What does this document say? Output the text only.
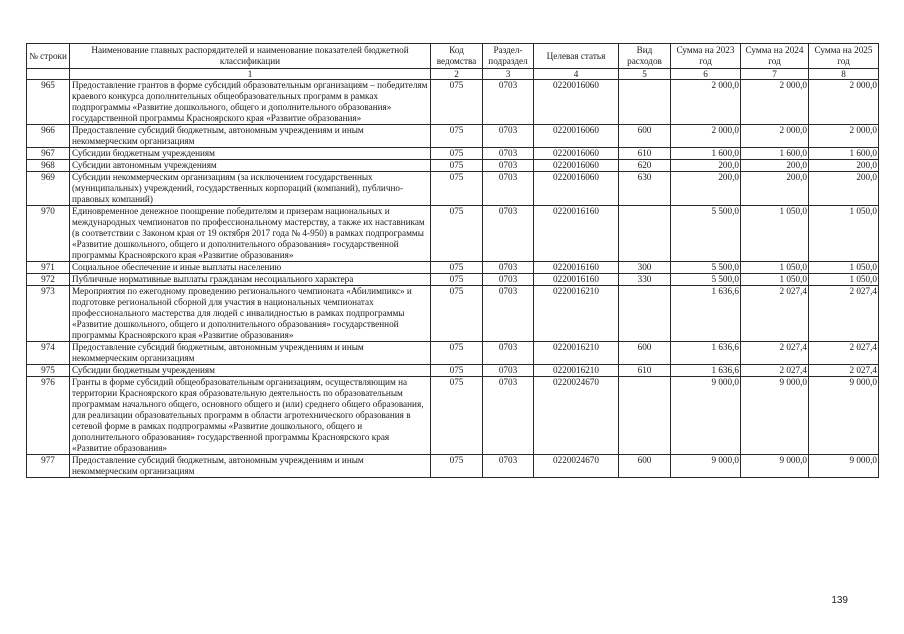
№ строки	Наименование главных распорядителей и наименование показателей бюджетной классификации	Код ведомства	Раздел-подраздел	Целевая статья	Вид расходов	Сумма на 2023 год	Сумма на 2024 год	Сумма на 2025 год
	1	2	3	4	5	6	7	8
965	Предоставление грантов в форме субсидий образовательным организациям – победителям краевого конкурса дополнительных общеобразовательных программ в рамках подпрограммы «Развитие дошкольного, общего и дополнительного образования» государственной программы Красноярского края «Развитие образования»	075	0703	0220016060		2 000,0	2 000,0	2 000,0
966	Предоставление субсидий бюджетным, автономным учреждениям и иным некоммерческим организациям	075	0703	0220016060	600	2 000,0	2 000,0	2 000,0
967	Субсидии бюджетным учреждениям	075	0703	0220016060	610	1 600,0	1 600,0	1 600,0
968	Субсидии автономным учреждениям	075	0703	0220016060	620	200,0	200,0	200,0
969	Субсидии некоммерческим организациям (за исключением государственных (муниципальных) учреждений, государственных корпораций (компаний), публично-правовых компаний)	075	0703	0220016060	630	200,0	200,0	200,0
970	Единовременное денежное поощрение победителям и призерам национальных и международных чемпионатов по профессиональному мастерству, а также их наставникам (в соответствии с Законом края от 19 октября 2017 года № 4-950) в рамках подпрограммы «Развитие дошкольного, общего и дополнительного образования» государственной программы Красноярского края «Развитие образования»	075	0703	0220016160		5 500,0	1 050,0	1 050,0
971	Социальное обеспечение и иные выплаты населению	075	0703	0220016160	300	5 500,0	1 050,0	1 050,0
972	Публичные нормативные выплаты гражданам несоциального характера	075	0703	0220016160	330	5 500,0	1 050,0	1 050,0
973	Мероприятия по ежегодному проведению регионального чемпионата «Абилимпикс» и подготовке региональной сборной для участия в национальных чемпионатах профессионального мастерства для людей с инвалидностью в рамках подпрограммы «Развитие дошкольного, общего и дополнительного образования» государственной программы Красноярского края «Развитие образования»	075	0703	0220016210		1 636,6	2 027,4	2 027,4
974	Предоставление субсидий бюджетным, автономным учреждениям и иным некоммерческим организациям	075	0703	0220016210	600	1 636,6	2 027,4	2 027,4
975	Субсидии бюджетным учреждениям	075	0703	0220016210	610	1 636,6	2 027,4	2 027,4
976	Гранты в форме субсидий общеобразовательным организациям, осуществляющим на территории Красноярского края образовательную деятельность по образовательным программам начального общего, основного общего и (или) среднего общего образования, для реализации образовательных программ в области агротехнического образования в сетевой форме в рамках подпрограммы «Развитие дошкольного, общего и дополнительного образования» государственной программы Красноярского края «Развитие образования»	075	0703	0220024670		9 000,0	9 000,0	9 000,0
977	Предоставление субсидий бюджетным, автономным учреждениям и иным некоммерческим организациям	075	0703	0220024670	600	9 000,0	9 000,0	9 000,0
139
